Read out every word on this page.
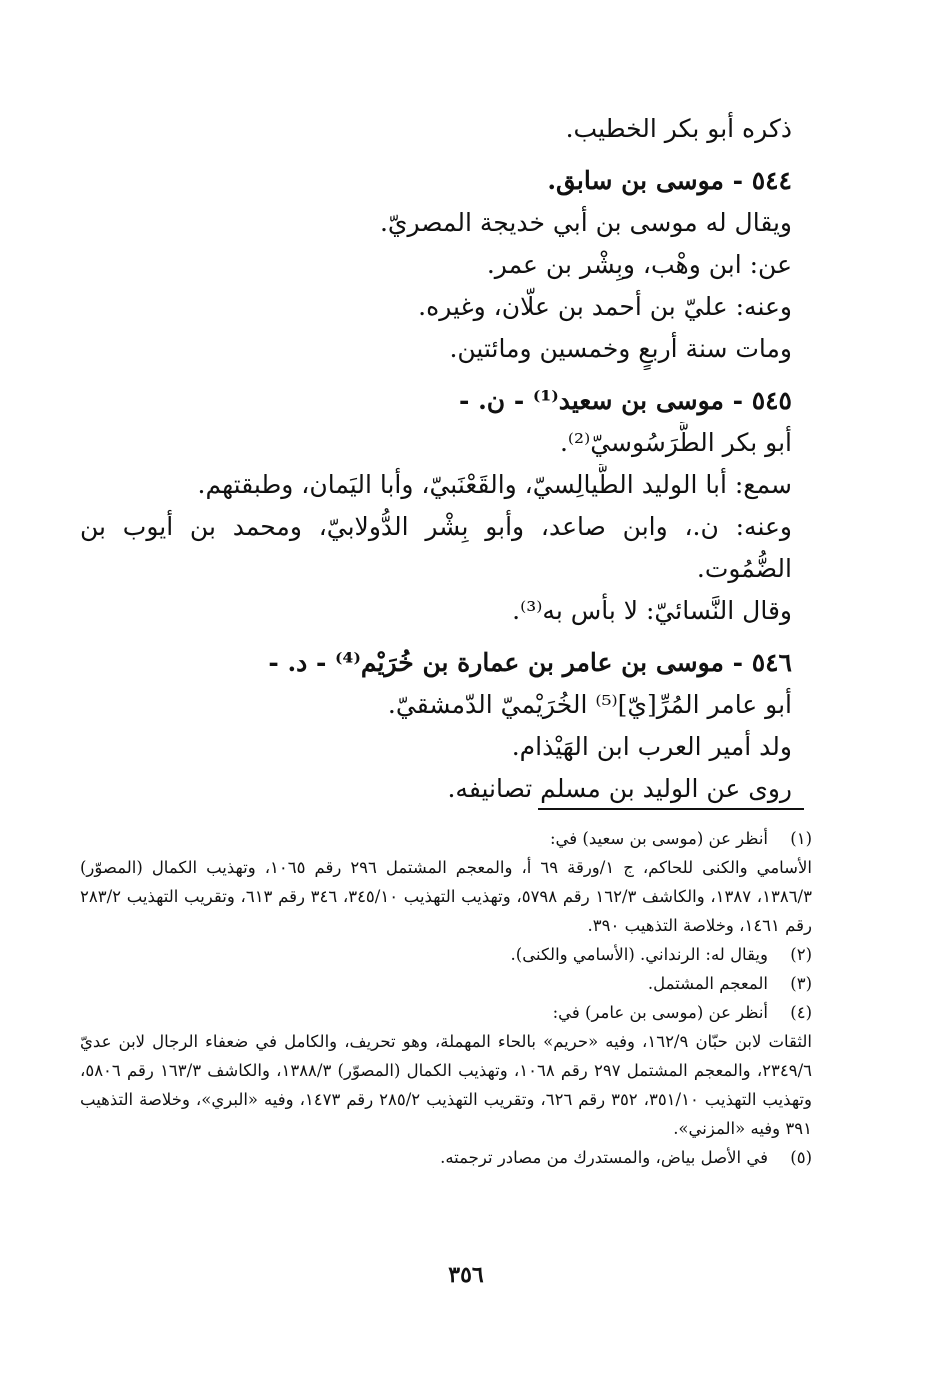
ذكره أبو بكر الخطيب.
٥٤٤ - موسى بن سابق.
ويقال له موسى بن أبي خديجة المصريّ.
عن: ابن وهْب، وبِشْر بن عمر.
وعنه: عليّ بن أحمد بن علّان، وغيره.
ومات سنة أربعٍ وخمسين ومائتين.
٥٤٥ - موسى بن سعيد⁽¹⁾ - ن. -
أبو بكر الطَّرَسُوسيّ⁽²⁾.
سمع: أبا الوليد الطَّيالِسيّ، والقَعْنَبيّ، وأبا اليَمان، وطبقتهم.
وعنه: ن.، وابن صاعد، وأبو بِشْر الدُّولابيّ، ومحمد بن أيوب بن
الضُّمُوت.
وقال النَّسائيّ: لا بأس به⁽³⁾.
٥٤٦ - موسى بن عامر بن عمارة بن خُرَيْم⁽⁴⁾ - د. -
أبو عامر المُرِّ[يّ]⁽⁵⁾ الخُرَيْميّ الدّمشقيّ.
ولد أمير العرب ابن الهَيْذام.
روى عن الوليد بن مسلم تصانيفه.
(١)
أنظر عن (موسى بن سعيد) في:
الأسامي والكنى للحاكم، ج ١/ورقة ٦٩ أ، والمعجم المشتمل ٢٩٦ رقم ١٠٦٥، وتهذيب الكمال (المصوّر) ١٣٨٦/٣، ١٣٨٧، والكاشف ١٦٢/٣ رقم ٥٧٩٨، وتهذيب التهذيب ٣٤٥/١٠، ٣٤٦ رقم ٦١٣، وتقريب التهذيب ٢٨٣/٢ رقم ١٤٦١، وخلاصة التذهيب ٣٩٠.
(٢)
ويقال له: الرنداني. (الأسامي والكنى).
(٣)
المعجم المشتمل.
(٤)
أنظر عن (موسى بن عامر) في:
الثقات لابن حبّان ١٦٢/٩، وفيه «حريم» بالحاء المهملة، وهو تحريف، والكامل في ضعفاء الرجال لابن عديّ ٢٣٤٩/٦، والمعجم المشتمل ٢٩٧ رقم ١٠٦٨، وتهذيب الكمال (المصوّر) ١٣٨٨/٣، والكاشف ١٦٣/٣ رقم ٥٨٠٦، وتهذيب التهذيب ٣٥١/١٠، ٣٥٢ رقم ٦٢٦، وتقريب التهذيب ٢٨٥/٢ رقم ١٤٧٣، وفيه «البري»، وخلاصة التذهيب ٣٩١ وفيه «المزني».
(٥)
في الأصل بياض، والمستدرك من مصادر ترجمته.
٣٥٦
